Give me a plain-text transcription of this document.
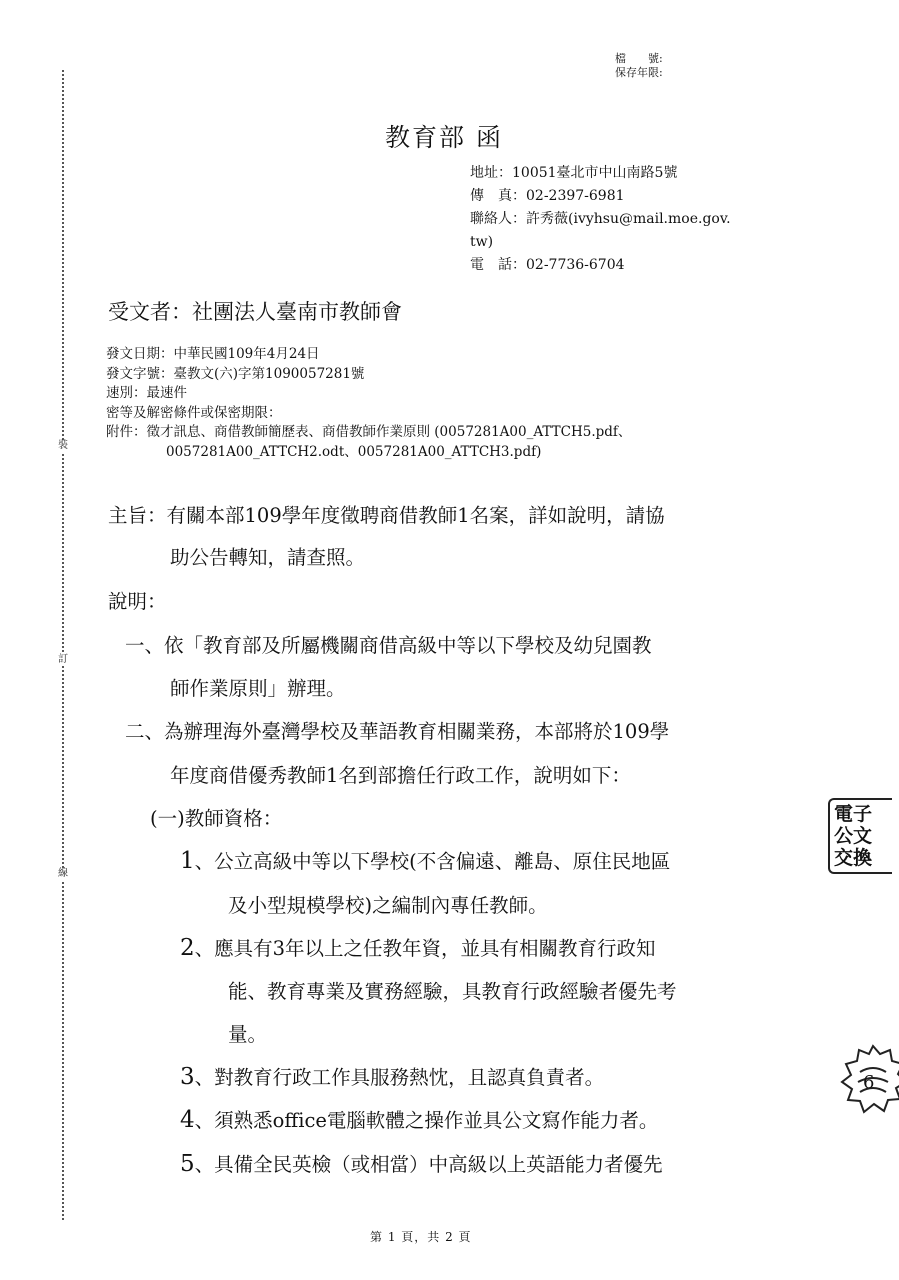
裝
訂
線
檔　　號:
保存年限:
教育部 函
地址：10051臺北市中山南路5號
傳　真：02-2397-6981
聯絡人：許秀薇(ivyhsu@mail.moe.gov.
tw)
電　話：02-7736-6704
受文者：社團法人臺南市教師會
發文日期：中華民國109年4月24日
發文字號：臺教文(六)字第1090057281號
速別：最速件
密等及解密條件或保密期限：
附件：徵才訊息、商借教師簡歷表、商借教師作業原則 (0057281A00_ATTCH5.pdf、
0057281A00_ATTCH2.odt、0057281A00_ATTCH3.pdf)
主旨：有關本部109學年度徵聘商借教師1名案，詳如說明，請協
助公告轉知，請查照。
說明：
一、依「教育部及所屬機關商借高級中等以下學校及幼兒園教
師作業原則」辦理。
二、為辦理海外臺灣學校及華語教育相關業務，本部將於109學
年度商借優秀教師1名到部擔任行政工作，說明如下：
(一)教師資格：
1、公立高級中等以下學校(不含偏遠、離島、原住民地區
及小型規模學校)之編制內專任教師。
2、應具有3年以上之任教年資，並具有相關教育行政知
能、教育專業及實務經驗，具教育行政經驗者優先考
量。
3、對教育行政工作具服務熱忱，且認真負責者。
4、須熟悉office電腦軟體之操作並具公文寫作能力者。
5、具備全民英檢（或相當）中高級以上英語能力者優先
電子公文交換
6
第 1 頁，共 2 頁
